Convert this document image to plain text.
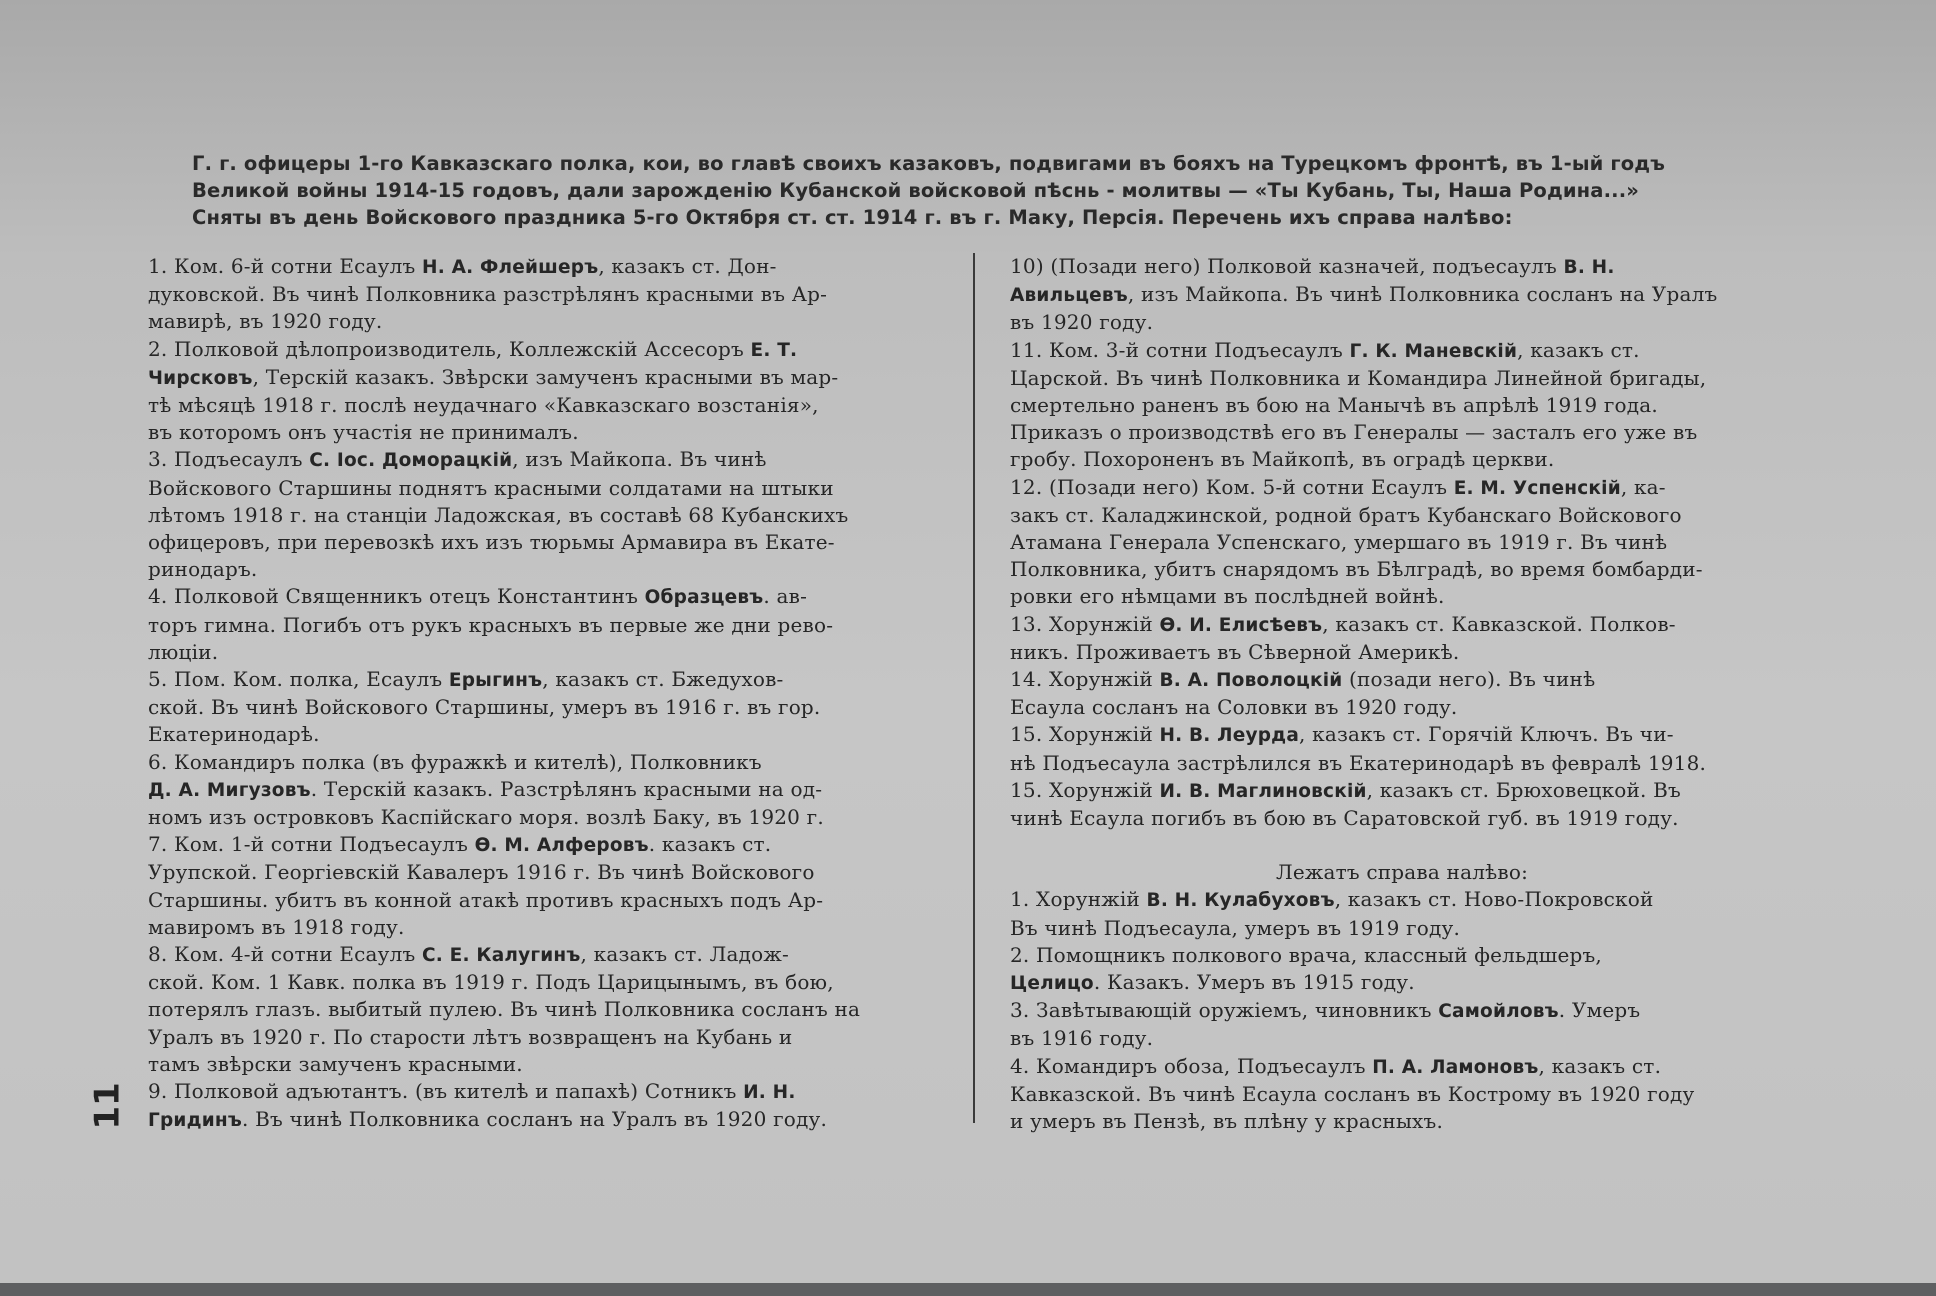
Г. г. офицеры 1-го Кавказскаго полка, кои, во главѣ своихъ казаковъ, подвигами въ бояхъ на Турецкомъ фронтѣ, въ 1-ый годъ
Великой войны 1914-15 годовъ, дали зарожденію Кубанской войсковой пѣснь - молитвы — «Ты Кубань, Ты, Наша Родина...»
Сняты въ день Войскового праздника 5-го Октября ст. ст. 1914 г. въ г. Маку, Персія. Перечень ихъ справа налѣво:
1. Ком. 6-й сотни Есаулъ Н. А. Флейшеръ, казакъ ст. Дон-
дуковской. Въ чинѣ Полковника разстрѣлянъ красными въ Ар-
мавирѣ, въ 1920 году.
2. Полковой дѣлопроизводитель, Коллежскій Ассесоръ Е. Т.
Чирсковъ, Терскій казакъ. Звѣрски замученъ красными въ мар-
тѣ мѣсяцѣ 1918 г. послѣ неудачнаго «Кавказскаго возстанія»,
въ которомъ онъ участія не принималъ.
3. Подъесаулъ С. Іос. Доморацкій, изъ Майкопа. Въ чинѣ
Войскового Старшины поднятъ красными солдатами на штыки
лѣтомъ 1918 г. на станціи Ладожская, въ составѣ 68 Кубанскихъ
офицеровъ, при перевозкѣ ихъ изъ тюрьмы Армавира въ Екате-
ринодаръ.
4. Полковой Священникъ отецъ Константинъ Образцевъ. ав-
торъ гимна. Погибъ отъ рукъ красныхъ въ первые же дни рево-
люціи.
5. Пом. Ком. полка, Есаулъ Ерыгинъ, казакъ ст. Бжедухов-
ской. Въ чинѣ Войскового Старшины, умеръ въ 1916 г. въ гор.
Екатеринодарѣ.
6. Командиръ полка (въ фуражкѣ и кителѣ), Полковникъ
Д. А. Мигузовъ. Терскій казакъ. Разстрѣлянъ красными на од-
номъ изъ островковъ Каспійскаго моря. возлѣ Баку, въ 1920 г.
7. Ком. 1-й сотни Подъесаулъ Ѳ. М. Алферовъ. казакъ ст.
Урупской. Георгіевскій Кавалеръ 1916 г. Въ чинѣ Войскового
Старшины. убитъ въ конной атакѣ противъ красныхъ подъ Ар-
мавиромъ въ 1918 году.
8. Ком. 4-й сотни Есаулъ С. Е. Калугинъ, казакъ ст. Ладож-
ской. Ком. 1 Кавк. полка въ 1919 г. Подъ Царицынымъ, въ бою,
потерялъ глазъ. выбитый пулею. Въ чинѣ Полковника сосланъ на
Уралъ въ 1920 г. По старости лѣтъ возвращенъ на Кубань и
тамъ звѣрски замученъ красными.
9. Полковой адъютантъ. (въ кителѣ и папахѣ) Сотникъ И. Н.
Гридинъ. Въ чинѣ Полковника сосланъ на Уралъ въ 1920 году.
10) (Позади него) Полковой казначей, подъесаулъ В. Н.
Авильцевъ, изъ Майкопа. Въ чинѣ Полковника сосланъ на Уралъ
въ 1920 году.
11. Ком. 3-й сотни Подъесаулъ Г. К. Маневскій, казакъ ст.
Царской. Въ чинѣ Полковника и Командира Линейной бригады,
смертельно раненъ въ бою на Манычѣ въ апрѣлѣ 1919 года.
Приказъ о производствѣ его въ Генералы — засталъ его уже въ
гробу. Похороненъ въ Майкопѣ, въ оградѣ церкви.
12. (Позади него) Ком. 5-й сотни Есаулъ Е. М. Успенскій, ка-
закъ ст. Каладжинской, родной братъ Кубанскаго Войскового
Атамана Генерала Успенскаго, умершаго въ 1919 г. Въ чинѣ
Полковника, убитъ снарядомъ въ Бѣлградѣ, во время бомбарди-
ровки его нѣмцами въ послѣдней войнѣ.
13. Хорунжій Ѳ. И. Елисѣевъ, казакъ ст. Кавказской. Полков-
никъ. Проживаетъ въ Сѣверной Америкѣ.
14. Хорунжій В. А. Поволоцкій (позади него). Въ чинѣ
Есаула сосланъ на Соловки въ 1920 году.
15. Хорунжій Н. В. Леурда, казакъ ст. Горячій Ключъ. Въ чи-
нѣ Подъесаула застрѣлился въ Екатеринодарѣ въ февралѣ 1918.
15. Хорунжій И. В. Маглиновскій, казакъ ст. Брюховецкой. Въ
чинѣ Есаула погибъ въ бою въ Саратовской губ. въ 1919 году.
Лежатъ справа налѣво:
1. Хорунжій В. Н. Кулабуховъ, казакъ ст. Ново-Покровской
Въ чинѣ Подъесаула, умеръ въ 1919 году.
2. Помощникъ полкового врача, классный фельдшеръ,
Целицо. Казакъ. Умеръ въ 1915 году.
3. Завѣтывающій оружіемъ, чиновникъ Самойловъ. Умеръ
въ 1916 году.
4. Командиръ обоза, Подъесаулъ П. А. Ламоновъ, казакъ ст.
Кавказской. Въ чинѣ Есаула сосланъ въ Кострому въ 1920 году
и умеръ въ Пензѣ, въ плѣну у красныхъ.
11
